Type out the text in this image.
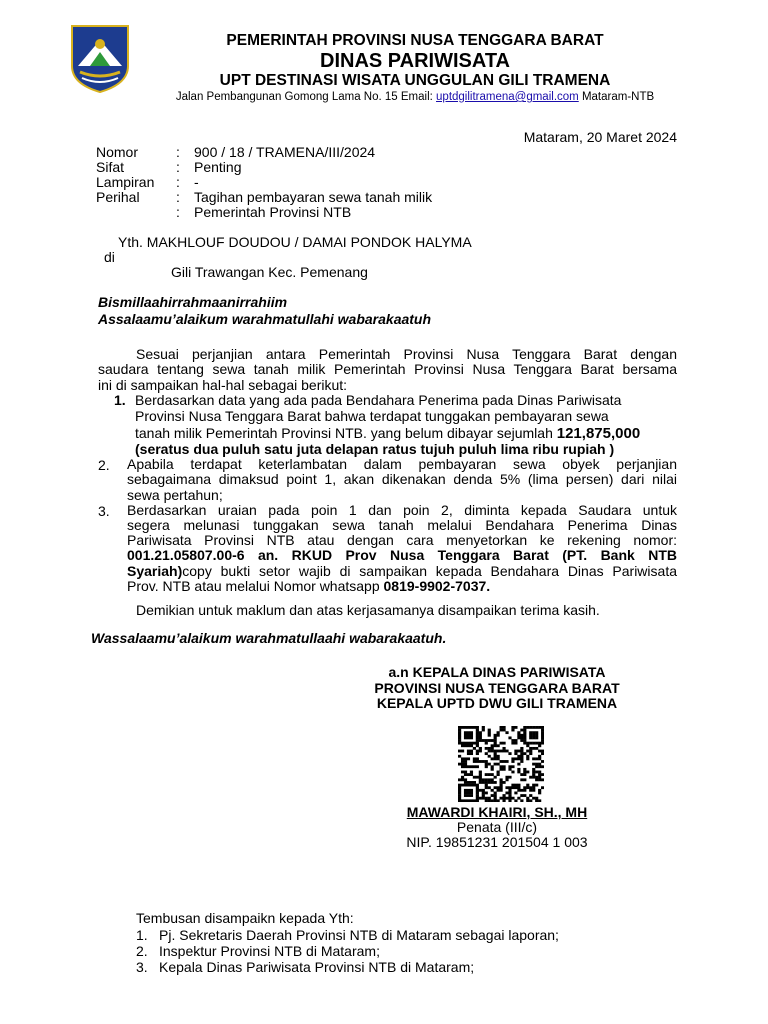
PEMERINTAH PROVINSI NUSA TENGGARA BARAT
DINAS PARIWISATA
UPT DESTINASI WISATA UNGGULAN GILI TRAMENA
Jalan Pembangunan Gomong Lama No. 15 Email: uptdgilitramena@gmail.com Mataram-NTB
Mataram, 20 Maret 2024
Nomor	: 900 / 18 / TRAMENA/III/2024
Sifat	: Penting
Lampiran : -
Perihal	: Tagihan pembayaran sewa tanah milik
: Pemerintah Provinsi NTB
Yth. MAKHLOUF DOUDOU / DAMAI PONDOK HALYMA
di
Gili Trawangan Kec. Pemenang
Bismillaahirrahmaanirrahiim
Assalaamu’alaikum warahmatullahi wabarakaatuh
Sesuai perjanjian antara Pemerintah Provinsi Nusa Tenggara Barat dengan
saudara tentang sewa tanah milik Pemerintah Provinsi Nusa Tenggara Barat bersama
ini di sampaikan hal-hal sebagai berikut:
1. Berdasarkan data yang ada pada Bendahara Penerima pada Dinas Pariwisata
Provinsi Nusa Tenggara Barat bahwa terdapat tunggakan pembayaran sewa
tanah milik Pemerintah Provinsi NTB. yang belum dibayar sejumlah 121,875,000
(seratus dua puluh satu juta delapan ratus tujuh puluh lima ribu rupiah )
2. Apabila terdapat keterlambatan dalam pembayaran sewa obyek perjanjian
sebagaimana dimaksud point 1, akan dikenakan denda 5% (lima persen) dari nilai
sewa pertahun;
3. Berdasarkan uraian pada poin 1 dan poin 2, diminta kepada Saudara untuk
segera melunasi tunggakan sewa tanah melalui Bendahara Penerima Dinas
Pariwisata Provinsi NTB atau dengan cara menyetorkan ke rekening nomor:
001.21.05807.00-6 an. RKUD Prov Nusa Tenggara Barat (PT. Bank NTB
Syariah) copy bukti setor wajib di sampaikan kepada Bendahara Dinas Pariwisata
Prov. NTB atau melalui Nomor whatsapp 0819-9902-7037.
Demikian untuk maklum dan atas kerjasamanya disampaikan terima kasih.
Wassalaamu’alaikum warahmatullaahi wabarakaatuh.
a.n KEPALA DINAS PARIWISATA
PROVINSI NUSA TENGGARA BARAT
KEPALA UPTD DWU GILI TRAMENA
MAWARDI KHAIRI, SH., MH
Penata (III/c)
NIP. 19851231 201504 1 003
Tembusan disampaikn kepada Yth:
1. Pj. Sekretaris Daerah Provinsi NTB di Mataram sebagai laporan;
2. Inspektur Provinsi NTB di Mataram;
3. Kepala Dinas Pariwisata Provinsi NTB di Mataram;
